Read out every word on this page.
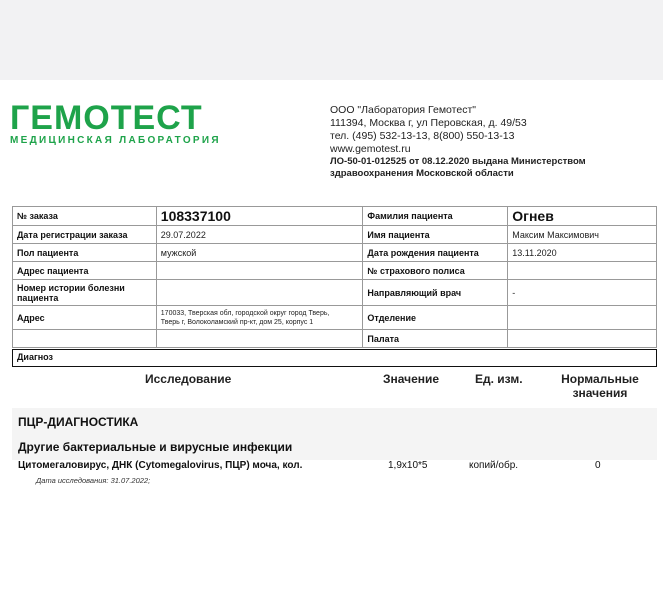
ГЕМОТЕСТ
МЕДИЦИНСКАЯ ЛАБОРАТОРИЯ
ООО "Лаборатория Гемотест"
111394, Москва г, ул Перовская, д. 49/53
тел. (495) 532-13-13, 8(800) 550-13-13
www.gemotest.ru
ЛО-50-01-012525 от 08.12.2020 выдана Министерством
здравоохранения Московской области
№ заказа	108337100	Фамилия пациента	Огнев
Дата регистрации заказа	29.07.2022	Имя пациента	Максим Максимович
Пол пациента	мужской	Дата рождения пациента	13.11.2020
Адрес пациента		№ страхового полиса	
Номер истории болезни пациента		Направляющий врач	-
Адрес	170033, Тверская обл, городской округ город Тверь,
Тверь г, Волоколамский пр-кт, дом 25, корпус 1	Отделение	
		Палата	
Диагноз
Исследование	Значение	Ед. изм.	Нормальные
значения
ПЦР-ДИАГНОСТИКА
Другие бактериальные и вирусные инфекции
Цитомегаловирус, ДНК (Cytomegalovirus, ПЦР) моча, кол.	1,9х10*5	копий/обр.	0
Дата исследования: 31.07.2022;
